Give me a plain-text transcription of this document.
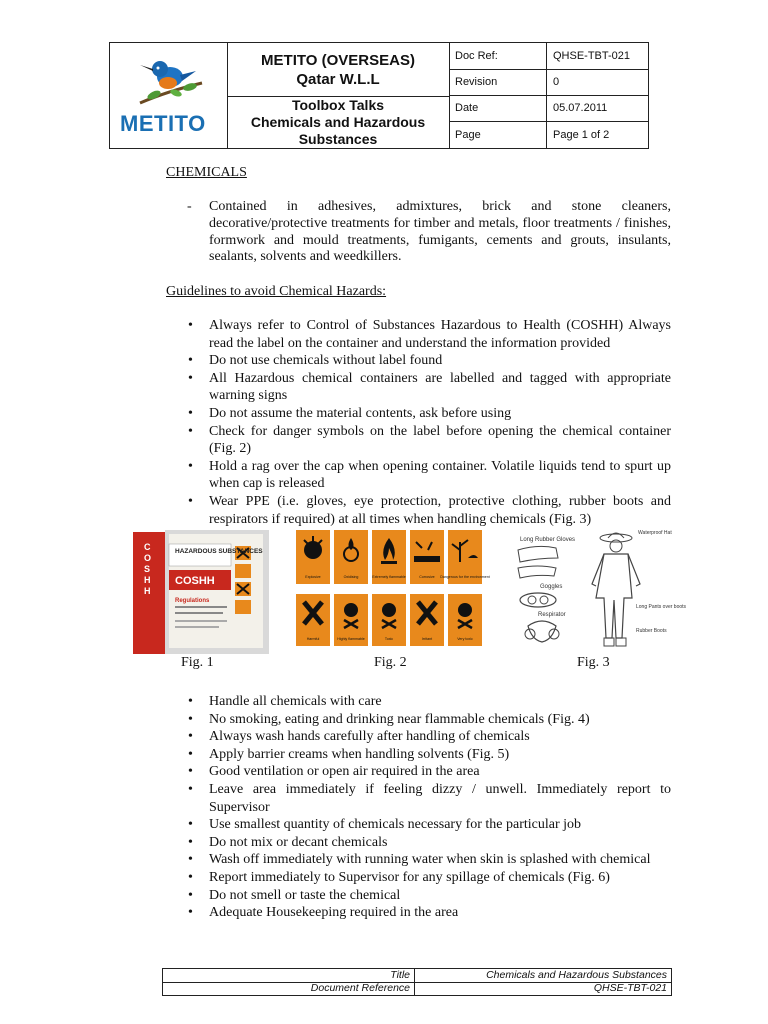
METITO
METITO (OVERSEAS)
Qatar W.L.L
Toolbox Talks
Chemicals and Hazardous
Substances
Doc Ref:	QHSE-TBT-021
Revision	0
Date	05.07.2011
Page	Page 1 of 2
CHEMICALS
- Contained in adhesives, admixtures, brick and stone cleaners, decorative/protective treatments for timber and metals, floor treatments / finishes, formwork and mould treatments, fumigants, cements and grouts, insulants, sealants, solvents and weedkillers.
Guidelines to avoid Chemical Hazards:
• Always refer to Control of Substances Hazardous to Health (COSHH) Always read the label on the container and understand the information provided
• Do not use chemicals without label found
• All Hazardous chemical containers are labelled and tagged with appropriate warning signs
• Do not assume the material contents, ask before using
• Check for danger symbols on the label before opening the chemical container (Fig. 2)
• Hold a rag over the cap when opening container. Volatile liquids tend to spurt up when cap is released
• Wear PPE (i.e. gloves, eye protection, protective clothing, rubber boots and respirators if required) at all times when handling chemicals (Fig. 3)
C O S H H
HAZARDOUS SUBSTANCES
COSHH
Regulations
Fig. 1
Explosive	Oxidising	Extremely flammable	Corrosive Dangerous for the environment
Harmful	Highly flammable	Toxic	Irritant	Very toxic
Fig. 2
Long Rubber Gloves
Waterproof Hat
Goggles
Respirator
Long Pants over boots
Rubber Boots
Fig. 3
• Handle all chemicals with care
• No smoking, eating and drinking near flammable chemicals (Fig. 4)
• Always wash hands carefully after handling of chemicals
• Apply barrier creams when handling solvents (Fig. 5)
• Good ventilation or open air required in the area
• Leave area immediately if feeling dizzy / unwell. Immediately report to Supervisor
• Use smallest quantity of chemicals necessary for the particular job
• Do not mix or decant chemicals
• Wash off immediately with running water when skin is splashed with chemical
• Report immediately to Supervisor for any spillage of chemicals (Fig. 6)
• Do not smell or taste the chemical
• Adequate Housekeeping required in the area
Title	Chemicals and Hazardous Substances
Document Reference	QHSE-TBT-021
